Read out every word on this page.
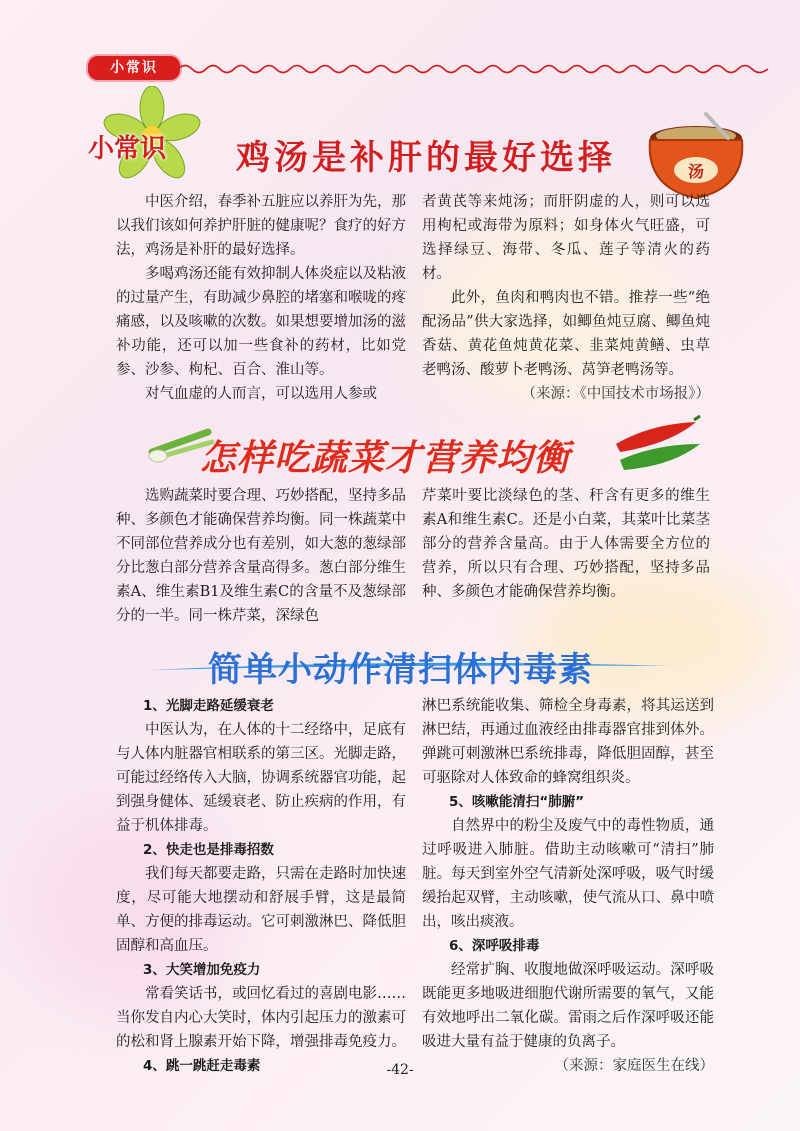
小常识
小常识 鸡汤是补肝的最好选择	汤

中医介绍，春季补五脏应以养肝为先，那以我们该如何养护肝脏的健康呢？食疗的好方法，鸡汤是补肝的最好选择。

多喝鸡汤还能有效抑制人体炎症以及粘液的过量产生，有助减少鼻腔的堵塞和喉咙的疼痛感，以及咳嗽的次数。如果想要增加汤的滋补功能，还可以加一些食补的药材，比如党参、沙参、枸杞、百合、淮山等。

对气血虚的人而言，可以选用人参或

者黄芪等来炖汤；而肝阴虚的人，则可以选用枸杞或海带为原料；如身体火气旺盛，可选择绿豆、海带、冬瓜、莲子等清火的药材。

此外，鱼肉和鸭肉也不错。推荐一些“绝配汤品”供大家选择，如鲫鱼炖豆腐、鲫鱼炖香菇、黄花鱼炖黄花菜、韭菜炖黄鳝、虫草老鸭汤、酸萝卜老鸭汤、莴笋老鸭汤等。

（来源：《中国技术市场报》）

怎样吃蔬菜才营养均衡

选购蔬菜时要合理、巧妙搭配，坚持多品种、多颜色才能确保营养均衡。同一株蔬菜中不同部位营养成分也有差别，如大葱的葱绿部分比葱白部分营养含量高得多。葱白部分维生素A、维生素B1及维生素C的含量不及葱绿部分的一半。同一株芹菜，深绿色

芹菜叶要比淡绿色的茎、秆含有更多的维生素A和维生素C。还是小白菜，其菜叶比菜茎部分的营养含量高。由于人体需要全方位的营养，所以只有合理、巧妙搭配，坚持多品种、多颜色才能确保营养均衡。

简单小动作清扫体内毒素

1、光脚走路延缓衰老

中医认为，在人体的十二经络中，足底有与人体内脏器官相联系的第三区。光脚走路，可能过经络传入大脑，协调系统器官功能，起到强身健体、延缓衰老、防止疾病的作用，有益于机体排毒。

2、快走也是排毒招数

我们每天都要走路，只需在走路时加快速度，尽可能大地摆动和舒展手臂，这是最简单、方便的排毒运动。它可刺激淋巴、降低胆固醇和高血压。

3、大笑增加免疫力

常看笑话书，或回忆看过的喜剧电影……当你发自内心大笑时，体内引起压力的激素可的松和肾上腺素开始下降，增强排毒免疫力。

4、跳一跳赶走毒素

淋巴系统能收集、筛检全身毒素，将其运送到淋巴结，再通过血液经由排毒器官排到体外。弹跳可刺激淋巴系统排毒，降低胆固醇，甚至可驱除对人体致命的蜂窝组织炎。

5、咳嗽能清扫“肺腑”

自然界中的粉尘及废气中的毒性物质，通过呼吸进入肺脏。借助主动咳嗽可“清扫”肺脏。每天到室外空气清新处深呼吸，吸气时缓缓抬起双臂，主动咳嗽，使气流从口、鼻中喷出，咳出痰液。

6、深呼吸排毒

经常扩胸、收腹地做深呼吸运动。深呼吸既能更多地吸进细胞代谢所需要的氧气，又能有效地呼出二氧化碳。雷雨之后作深呼吸还能吸进大量有益于健康的负离子。

（来源：家庭医生在线）

-42-
